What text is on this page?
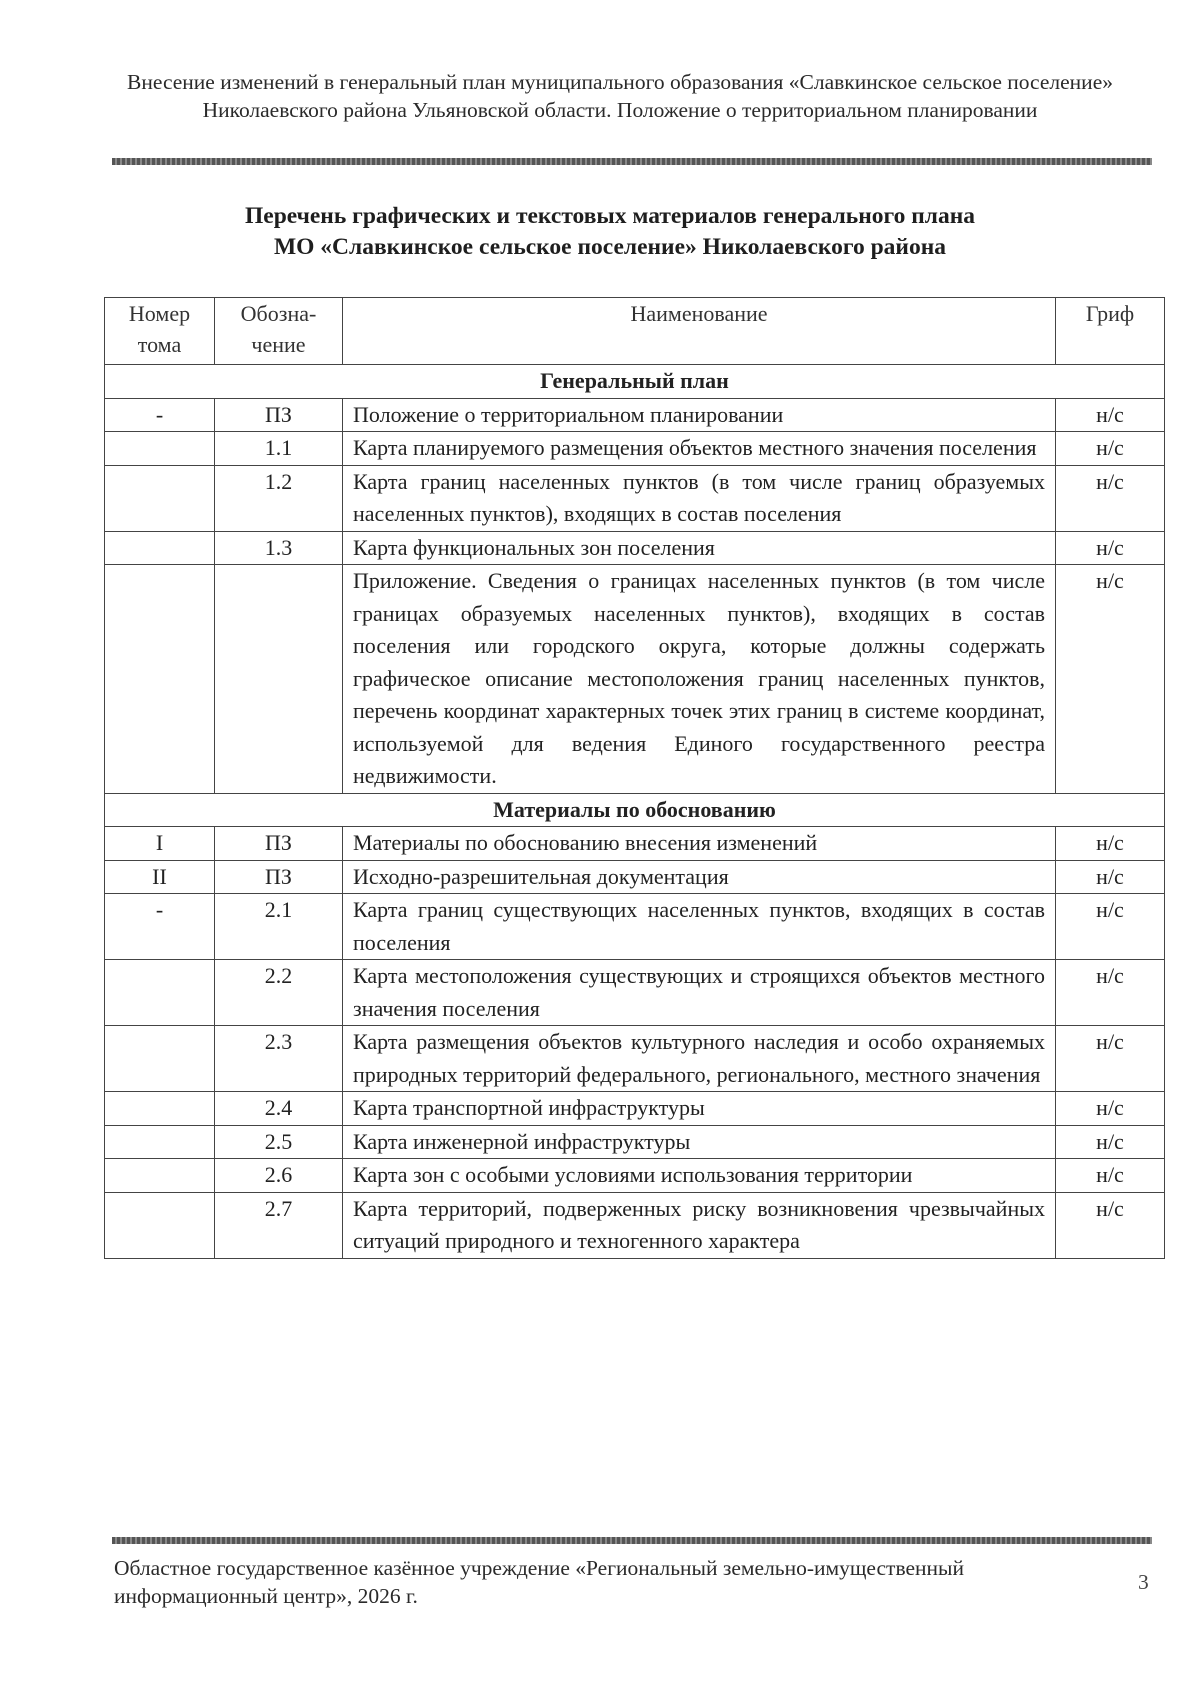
Внесение изменений в генеральный план муниципального образования «Славкинское сельское поселение» Николаевского района Ульяновской области. Положение о территориальном планировании
Перечень графических и текстовых материалов генерального плана
МО «Славкинское сельское поселение» Николаевского района
Номер тома	Обозна-чение	Наименование	Гриф
Генеральный план			
-	ПЗ	Положение о территориальном планировании	н/с
	1.1	Карта планируемого размещения объектов местного значения поселения	н/с
	1.2	Карта границ населенных пунктов (в том числе границ образуемых населенных пунктов), входящих в состав поселения	н/с
	1.3	Карта функциональных зон поселения	н/с
		Приложение. Сведения о границах населенных пунктов (в том числе границах образуемых населенных пунктов), входящих в состав поселения или городского округа, которые должны содержать графическое описание местоположения границ населенных пунктов, перечень координат характерных точек этих границ в системе координат, используемой для ведения Единого государственного реестра недвижимости.	н/с
Материалы по обоснованию			
I	ПЗ	Материалы по обоснованию внесения изменений	н/с
II	ПЗ	Исходно-разрешительная документация	н/с
-	2.1	Карта границ существующих населенных пунктов, входящих в состав поселения	н/с
	2.2	Карта местоположения существующих и строящихся объектов местного значения поселения	н/с
	2.3	Карта размещения объектов культурного наследия и особо охраняемых природных территорий федерального, регионального, местного значения	н/с
	2.4	Карта транспортной инфраструктуры	н/с
	2.5	Карта инженерной инфраструктуры	н/с
	2.6	Карта зон с особыми условиями использования территории	н/с
	2.7	Карта территорий, подверженных риску возникновения чрезвычайных ситуаций природного и техногенного характера	н/с
Областное государственное казённое учреждение «Региональный земельно-имущественный информационный центр», 2026 г.
3
